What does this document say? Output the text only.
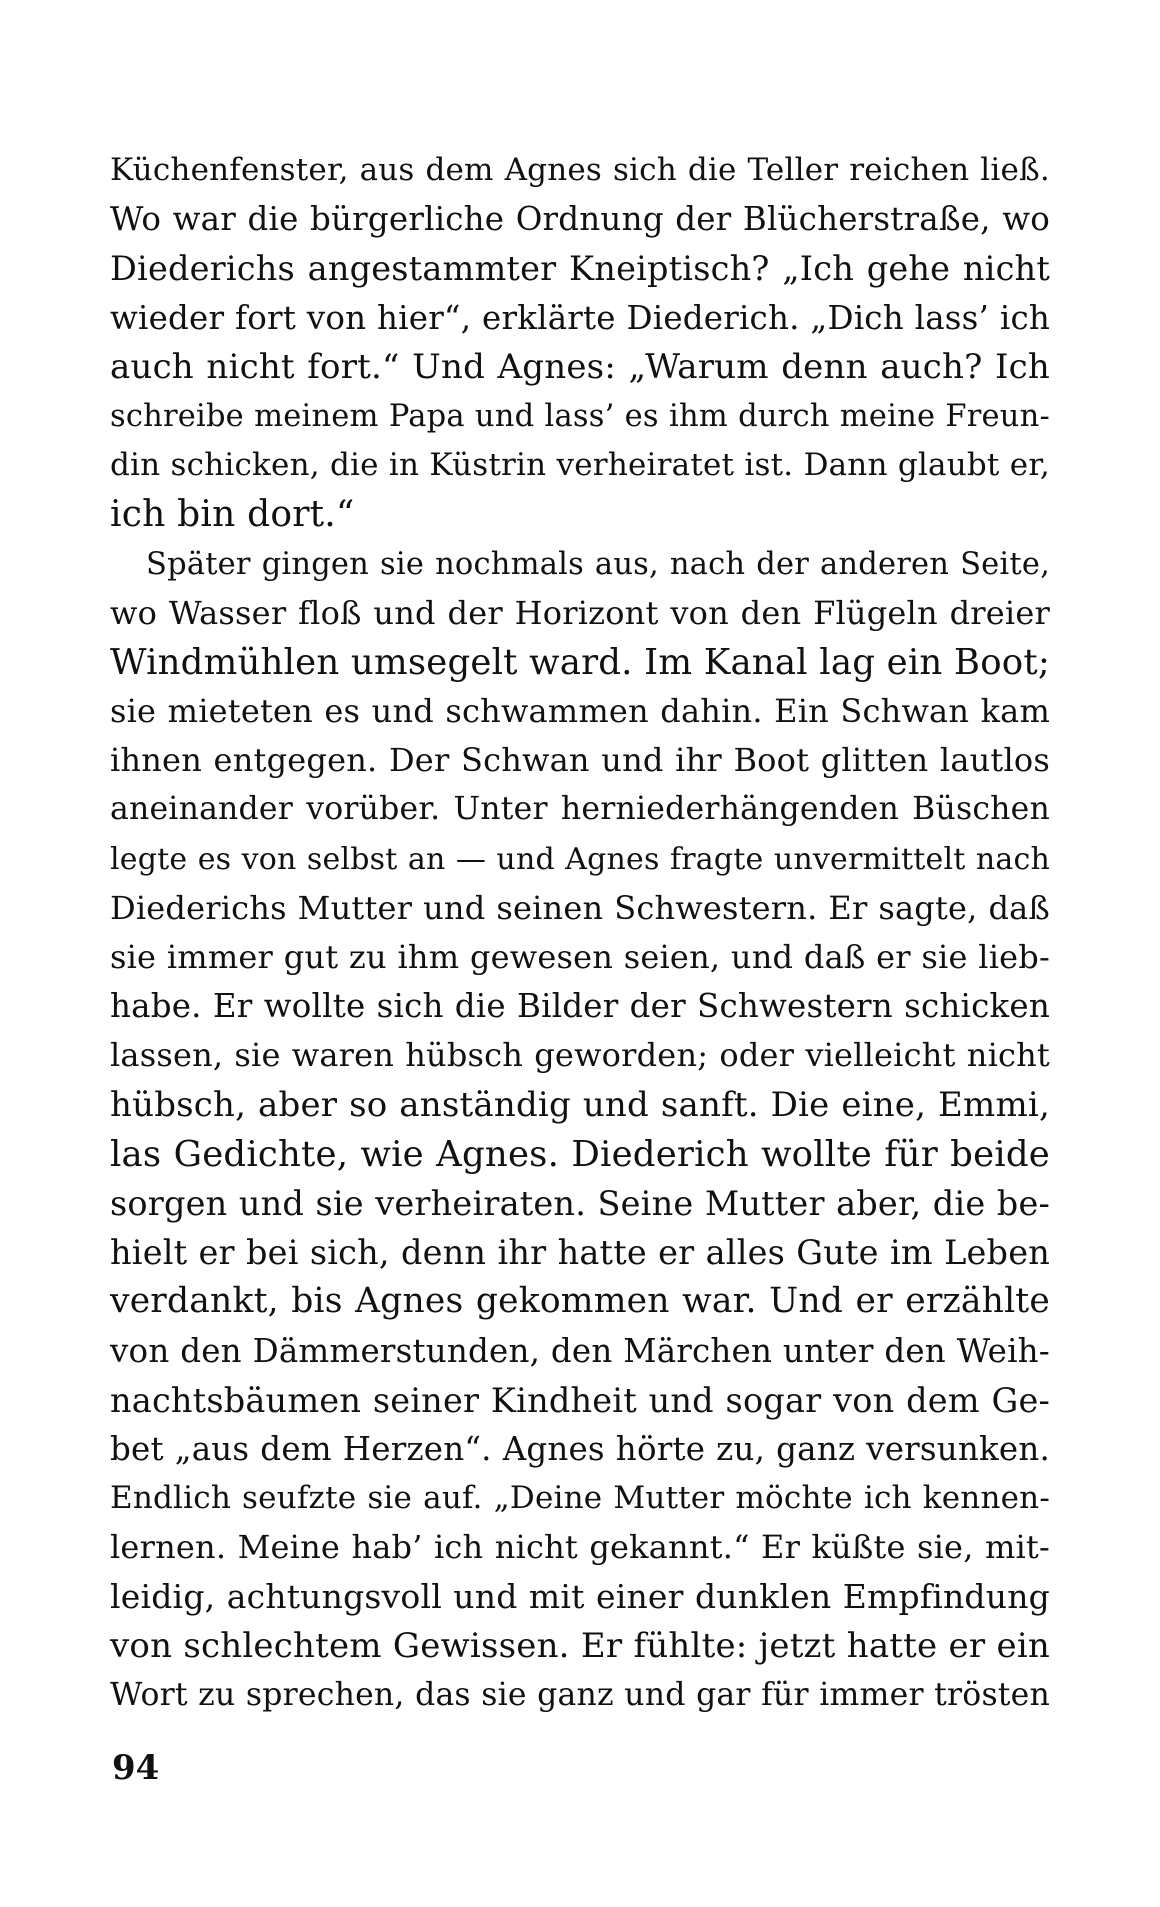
Küchenfenster, aus dem Agnes sich die Teller reichen ließ.
Wo war die bürgerliche Ordnung der Blücherstraße, wo
Diederichs angestammter Kneiptisch? „Ich gehe nicht
wieder fort von hier“, erklärte Diederich. „Dich lass’ ich
auch nicht fort.“ Und Agnes: „Warum denn auch? Ich
schreibe meinem Papa und lass’ es ihm durch meine Freun-
din schicken, die in Küstrin verheiratet ist. Dann glaubt er,
ich bin dort.“
Später gingen sie nochmals aus, nach der anderen Seite,
wo Wasser floß und der Horizont von den Flügeln dreier
Windmühlen umsegelt ward. Im Kanal lag ein Boot;
sie mieteten es und schwammen dahin. Ein Schwan kam
ihnen entgegen. Der Schwan und ihr Boot glitten lautlos
aneinander vorüber. Unter herniederhängenden Büschen
legte es von selbst an — und Agnes fragte unvermittelt nach
Diederichs Mutter und seinen Schwestern. Er sagte, daß
sie immer gut zu ihm gewesen seien, und daß er sie lieb-
habe. Er wollte sich die Bilder der Schwestern schicken
lassen, sie waren hübsch geworden; oder vielleicht nicht
hübsch, aber so anständig und sanft. Die eine, Emmi,
las Gedichte, wie Agnes. Diederich wollte für beide
sorgen und sie verheiraten. Seine Mutter aber, die be-
hielt er bei sich, denn ihr hatte er alles Gute im Leben
verdankt, bis Agnes gekommen war. Und er erzählte
von den Dämmerstunden, den Märchen unter den Weih-
nachtsbäumen seiner Kindheit und sogar von dem Ge-
bet „aus dem Herzen“. Agnes hörte zu, ganz versunken.
Endlich seufzte sie auf. „Deine Mutter möchte ich kennen-
lernen. Meine hab’ ich nicht gekannt.“ Er küßte sie, mit-
leidig, achtungsvoll und mit einer dunklen Empfindung
von schlechtem Gewissen. Er fühlte: jetzt hatte er ein
Wort zu sprechen, das sie ganz und gar für immer trösten
94
